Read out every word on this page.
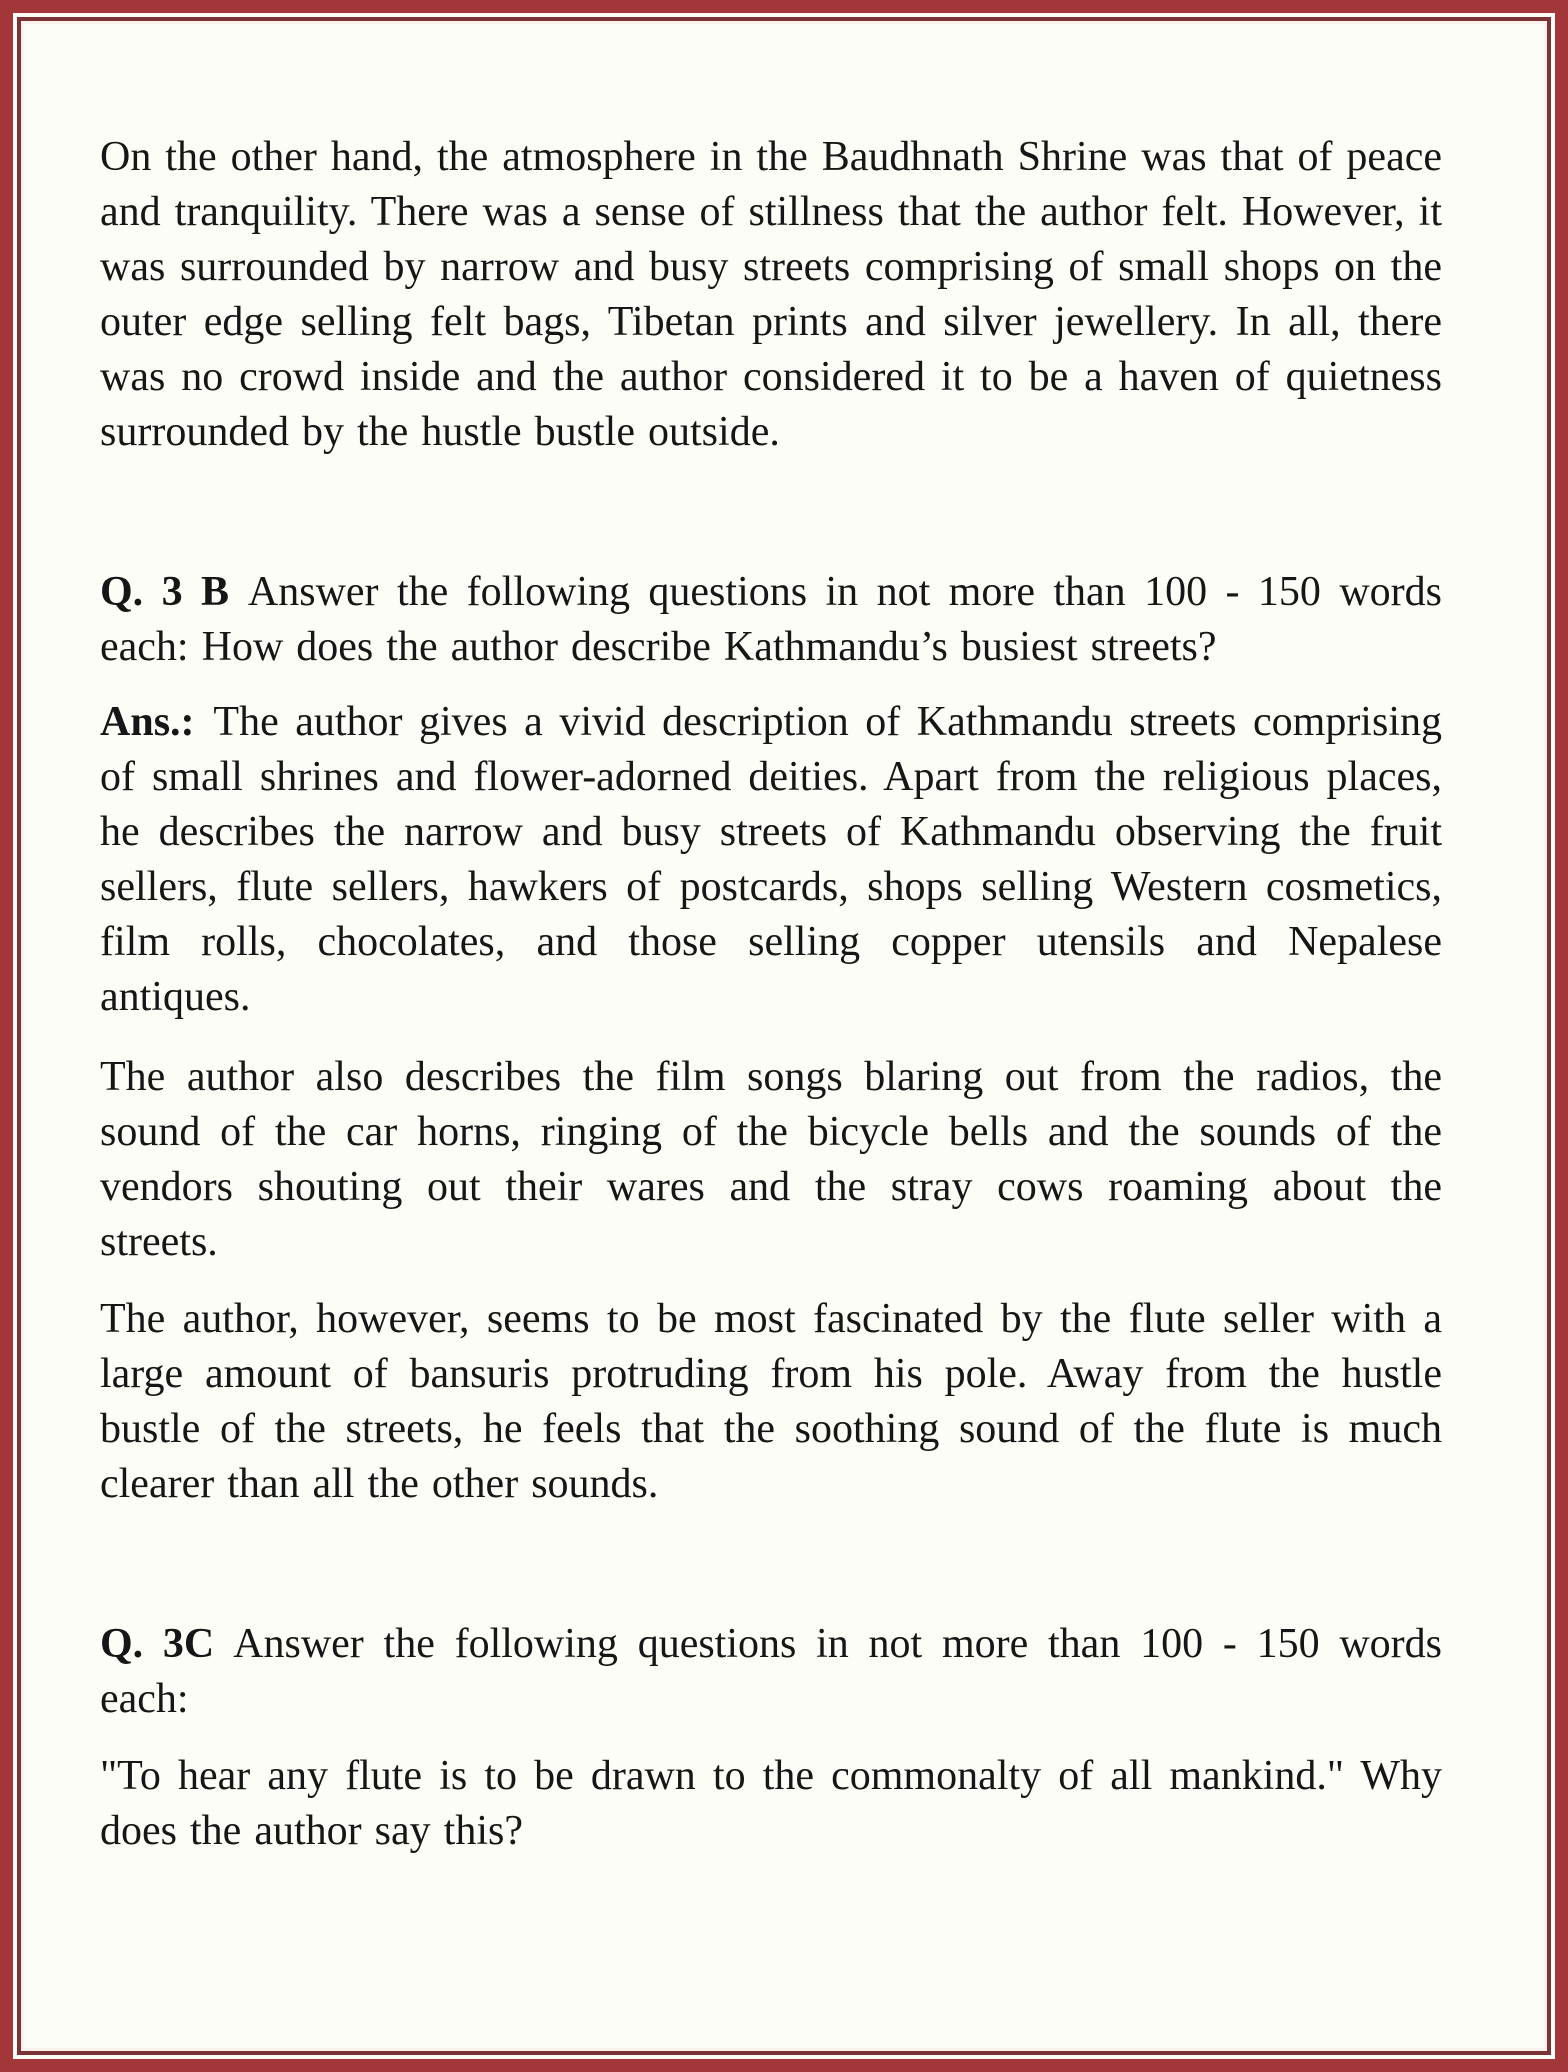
On the other hand, the atmosphere in the Baudhnath Shrine was that of peace and tranquility. There was a sense of stillness that the author felt. However, it was surrounded by narrow and busy streets comprising of small shops on the outer edge selling felt bags, Tibetan prints and silver jewellery. In all, there was no crowd inside and the author considered it to be a haven of quietness surrounded by the hustle bustle outside.

Q. 3 B Answer the following questions in not more than 100 - 150 words each: How does the author describe Kathmandu’s busiest streets?

Ans.: The author gives a vivid description of Kathmandu streets comprising of small shrines and flower-adorned deities. Apart from the religious places, he describes the narrow and busy streets of Kathmandu observing the fruit sellers, flute sellers, hawkers of postcards, shops selling Western cosmetics, film rolls, chocolates, and those selling copper utensils and Nepalese antiques.

The author also describes the film songs blaring out from the radios, the sound of the car horns, ringing of the bicycle bells and the sounds of the vendors shouting out their wares and the stray cows roaming about the streets.

The author, however, seems to be most fascinated by the flute seller with a large amount of bansuris protruding from his pole. Away from the hustle bustle of the streets, he feels that the soothing sound of the flute is much clearer than all the other sounds.

Q. 3C Answer the following questions in not more than 100 - 150 words each:

"To hear any flute is to be drawn to the commonalty of all mankind." Why does the author say this?
